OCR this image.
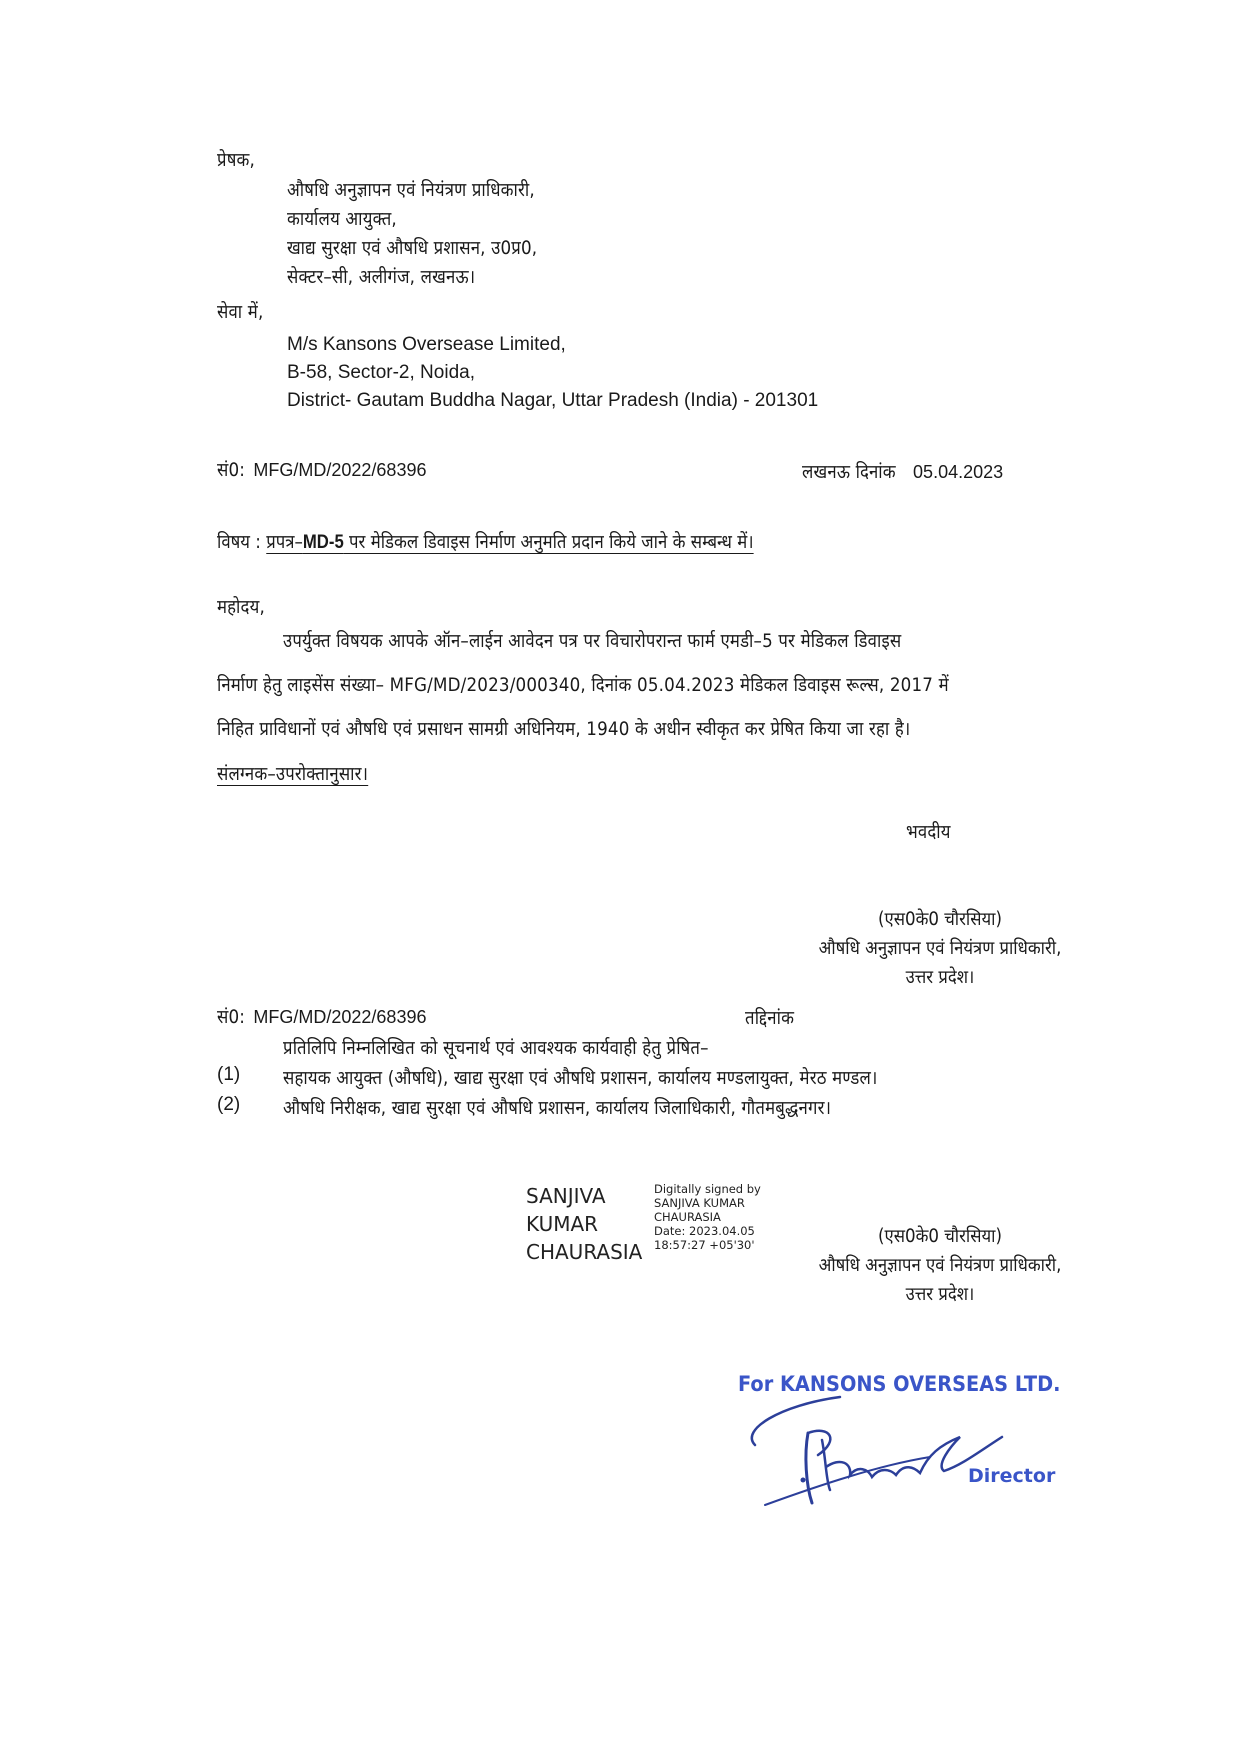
प्रेषक,
औषधि अनुज्ञापन एवं नियंत्रण प्राधिकारी,
कार्यालय आयुक्त,
खाद्य सुरक्षा एवं औषधि प्रशासन, उ0प्र0,
सेक्टर–सी, अलीगंज, लखनऊ।
सेवा में,
M/s Kansons Oversease Limited,
B-58, Sector-2, Noida,
District- Gautam Buddha Nagar, Uttar Pradesh (India) - 201301
सं0: MFG/MD/2022/68396	लखनऊ दिनांक 05.04.2023
विषय : प्रपत्र–MD-5 पर मेडिकल डिवाइस निर्माण अनुमति प्रदान किये जाने के सम्बन्ध में।
महोदय,
उपर्युक्त विषयक आपके ऑन–लाईन आवेदन पत्र पर विचारोपरान्त फार्म एमडी–5 पर मेडिकल डिवाइस
निर्माण हेतु लाइसेंस संख्या– MFG/MD/2023/000340, दिनांक 05.04.2023 मेडिकल डिवाइस रूल्स, 2017 में
निहित प्राविधानों एवं औषधि एवं प्रसाधन सामग्री अधिनियम, 1940 के अधीन स्वीकृत कर प्रेषित किया जा रहा है।
संलग्नक–उपरोक्तानुसार।
भवदीय
(एस0के0 चौरसिया)
औषधि अनुज्ञापन एवं नियंत्रण प्राधिकारी,
उत्तर प्रदेश।
सं0: MFG/MD/2022/68396	तद्दिनांक
प्रतिलिपि निम्नलिखित को सूचनार्थ एवं आवश्यक कार्यवाही हेतु प्रेषित–
(1) सहायक आयुक्त (औषधि), खाद्य सुरक्षा एवं औषधि प्रशासन, कार्यालय मण्डलायुक्त, मेरठ मण्डल।
(2) औषधि निरीक्षक, खाद्य सुरक्षा एवं औषधि प्रशासन, कार्यालय जिलाधिकारी, गौतमबुद्धनगर।
SANJIVA
KUMAR
CHAURASIA
Digitally signed by
SANJIVA KUMAR
CHAURASIA
Date: 2023.04.05
18:57:27 +05'30'	(एस0के0 चौरसिया)
औषधि अनुज्ञापन एवं नियंत्रण प्राधिकारी,
उत्तर प्रदेश।
For KANSONS OVERSEAS LTD.
Director
